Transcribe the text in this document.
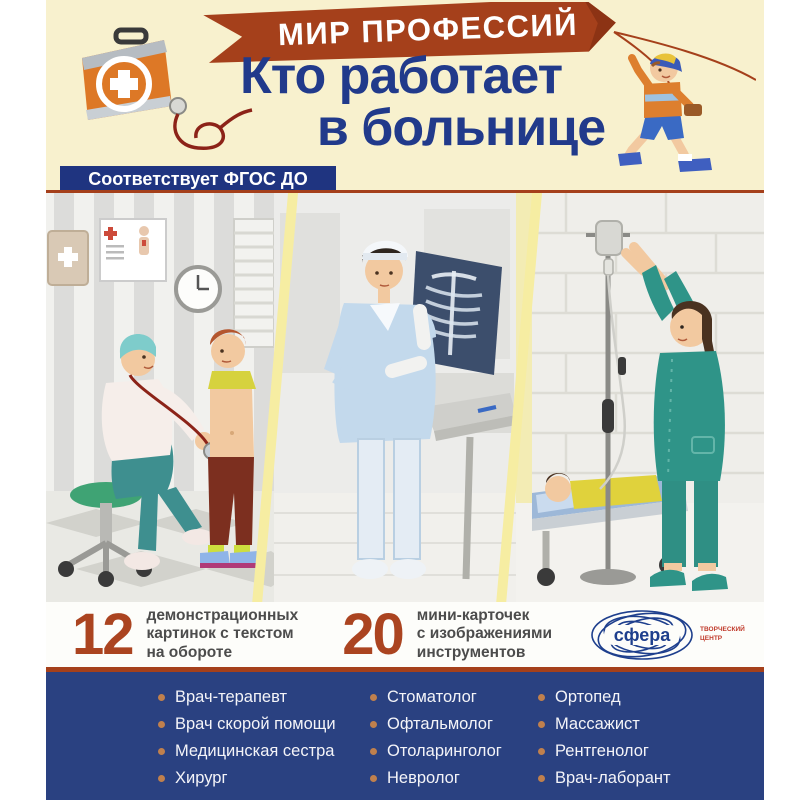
МИР ПРОФЕССИЙ
Кто работает
в больнице
Соответствует ФГОС ДО
12 демонстрационных
картинок с текстом
на обороте	20 мини-карточек
с изображениями
инструментов
сфера	ТВОРЧЕСКИЙ
ЦЕНТР
Врач-терапевт
Врач скорой помощи
Медицинская сестра
Хирург
Стоматолог
Офтальмолог
Отоларинголог
Невролог
Ортопед
Массажист
Рентгенолог
Врач-лаборант
